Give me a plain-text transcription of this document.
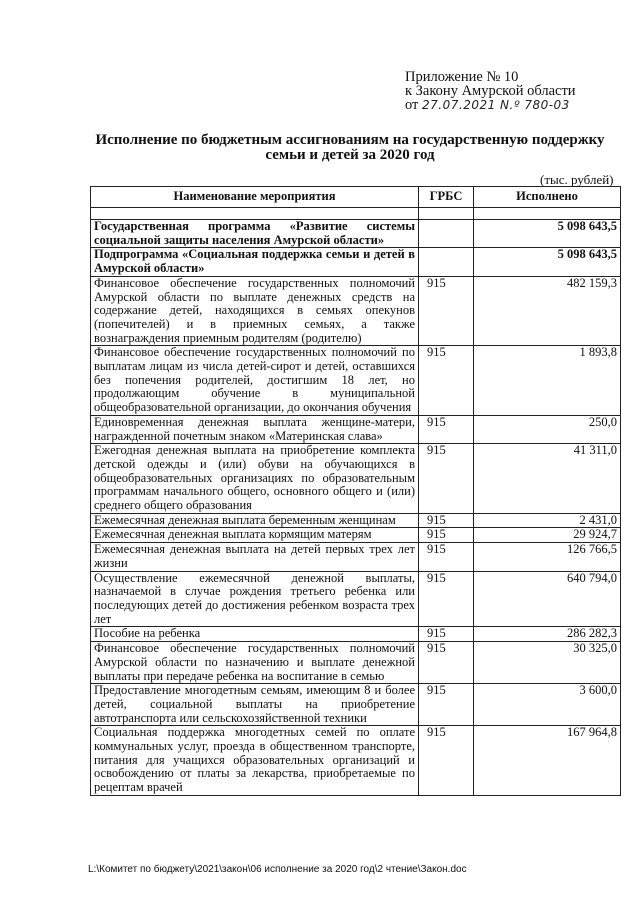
Приложение № 10
к Закону Амурской области
от 27.07.2021 N.º 780-03
Исполнение по бюджетным ассигнованиям на государственную поддержку
семьи и детей за 2020 год
(тыс. рублей)
Наименование мероприятия	ГРБС	Исполнено

Государственная программа «Развитие системы социальной защиты населения Амурской области»		5 098 643,5
Подпрограмма «Социальная поддержка семьи и детей в Амурской области»		5 098 643,5
Финансовое обеспечение государственных полномочий Амурской области по выплате денежных средств на содержание детей, находящихся в семьях опекунов (попечителей) и в приемных семьях, а также вознаграждения приемным родителям (родителю)	915	482 159,3
Финансовое обеспечение государственных полномочий по выплатам лицам из числа детей-сирот и детей, оставшихся без попечения родителей, достигшим 18 лет, но продолжающим обучение в муниципальной общеобразовательной организации, до окончания обучения	915	1 893,8
Единовременная денежная выплата женщине-матери, награжденной почетным знаком «Материнская слава»	915	250,0
Ежегодная денежная выплата на приобретение комплекта детской одежды и (или) обуви на обучающихся в общеобразовательных организациях по образовательным программам начального общего, основного общего и (или) среднего общего образования	915	41 311,0
Ежемесячная денежная выплата беременным женщинам	915	2 431,0
Ежемесячная денежная выплата кормящим матерям	915	29 924,7
Ежемесячная денежная выплата на детей первых трех лет жизни	915	126 766,5
Осуществление ежемесячной денежной выплаты, назначаемой в случае рождения третьего ребенка или последующих детей до достижения ребенком возраста трех лет	915	640 794,0
Пособие на ребенка	915	286 282,3
Финансовое обеспечение государственных полномочий Амурской области по назначению и выплате денежной выплаты при передаче ребенка на воспитание в семью	915	30 325,0
Предоставление многодетным семьям, имеющим 8 и более детей, социальной выплаты на приобретение автотранспорта или сельскохозяйственной техники	915	3 600,0
Социальная поддержка многодетных семей по оплате коммунальных услуг, проезда в общественном транспорте, питания для учащихся образовательных организаций и освобождению от платы за лекарства, приобретаемые по рецептам врачей	915	167 964,8
L:\Комитет по бюджету\2021\закон\06 исполнение за 2020 год\2 чтение\Закон.doc
